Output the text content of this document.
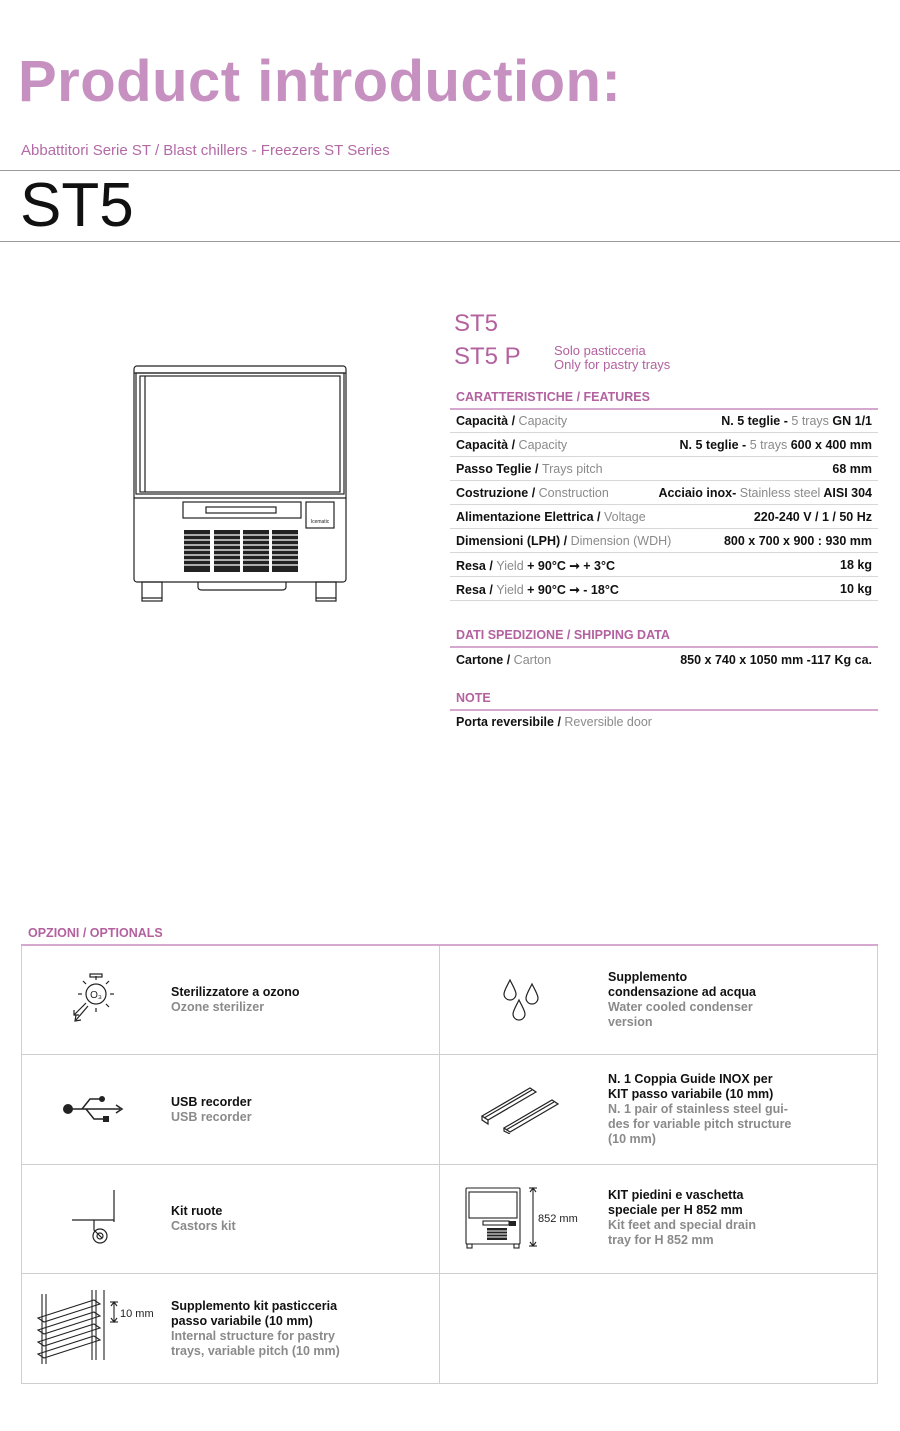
Product introduction:
Abbattitori Serie ST / Blast chillers - Freezers ST Series
ST5
Icematic
ST5
ST5 P	Solo pasticceria
Only for pastry trays
CARATTERISTICHE / FEATURES
Capacità / Capacity	N. 5 teglie - 5 trays GN 1/1
Capacità / Capacity	N. 5 teglie - 5 trays 600 x 400 mm
Passo Teglie / Trays pitch	68 mm
Costruzione / Construction	Acciaio inox- Stainless steel AISI 304
Alimentazione Elettrica / Voltage	220-240 V / 1 / 50 Hz
Dimensioni (LPH) / Dimension (WDH)	800 x 700 x 900 : 930 mm
Resa / Yield + 90°C ➞ + 3°C	18 kg
Resa / Yield + 90°C ➞ - 18°C	10 kg
DATI SPEDIZIONE / SHIPPING DATA
Cartone / Carton	850 x 740 x 1050 mm -117 Kg ca.
NOTE
Porta reversibile / Reversible door
OPZIONI / OPTIONALS
O₃	Sterilizzatore a ozono
Ozone sterilizer
Supplemento
condensazione ad acqua
Water cooled condenser
version
USB recorder
USB recorder
N. 1 Coppia Guide INOX per
KIT passo variabile (10 mm)
N. 1 pair of stainless steel gui-
des for variable pitch structure
(10 mm)
Kit ruote
Castors kit	852 mm
KIT piedini e vaschetta
speciale per H 852 mm
Kit feet and special drain
tray for H 852 mm
10 mm
Supplemento kit pasticceria
passo variabile (10 mm)
Internal structure for pastry
trays, variable pitch (10 mm)
